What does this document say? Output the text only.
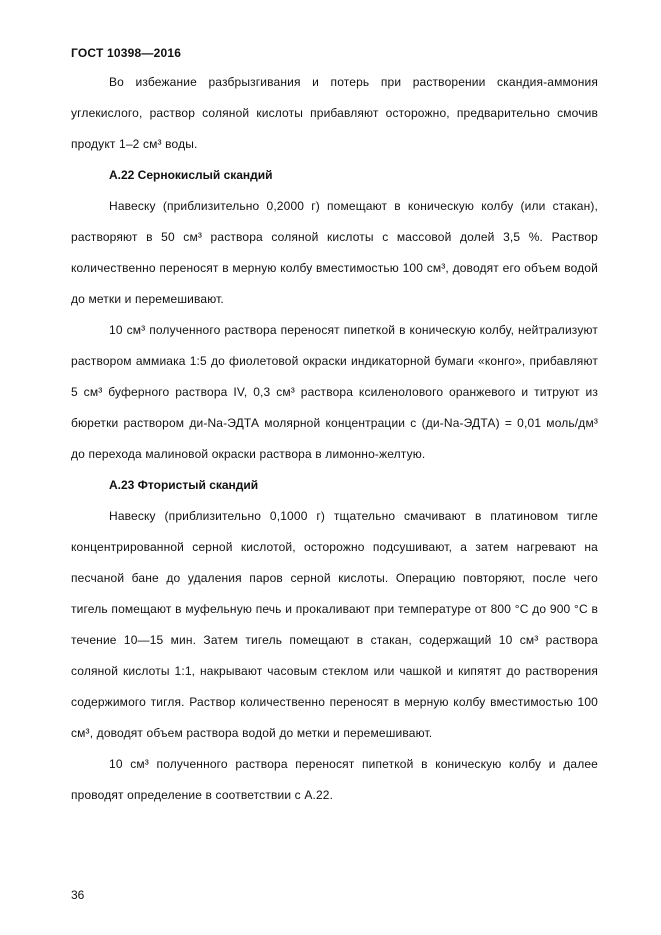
ГОСТ 10398—2016

Во избежание разбрызгивания и потерь при растворении скандия-аммония углекислого, раствор соляной кислоты прибавляют осторожно, предварительно смочив продукт 1–2 см³ воды.

А.22 Сернокислый скандий

Навеску (приблизительно 0,2000 г) помещают в коническую колбу (или стакан), растворяют в 50 см³ раствора соляной кислоты с массовой долей 3,5 %. Раствор количественно переносят в мерную колбу вместимостью 100 см³, доводят его объем водой до метки и перемешивают.

10 см³ полученного раствора переносят пипеткой в коническую колбу, нейтрализуют раствором аммиака 1:5 до фиолетовой окраски индикаторной бумаги «конго», прибавляют 5 см³ буферного раствора IV, 0,3 см³ раствора ксиленолового оранжевого и титруют из бюретки раствором ди-Na-ЭДТА молярной концентрации с (ди-Na-ЭДТА) = 0,01 моль/дм³ до перехода малиновой окраски раствора в лимонно-желтую.

А.23 Фтористый скандий

Навеску (приблизительно 0,1000 г) тщательно смачивают в платиновом тигле концентрированной серной кислотой, осторожно подсушивают, а затем нагревают на песчаной бане до удаления паров серной кислоты. Операцию повторяют, после чего тигель помещают в муфельную печь и прокаливают при температуре от 800 °С до 900 °С в течение 10—15 мин. Затем тигель помещают в стакан, содержащий 10 см³ раствора соляной кислоты 1:1, накрывают часовым стеклом или чашкой и кипятят до растворения содержимого тигля. Раствор количественно переносят в мерную колбу вместимостью 100 см³, доводят объем раствора водой до метки и перемешивают.

10 см³ полученного раствора переносят пипеткой в коническую колбу и далее проводят определение в соответствии с А.22.

36
